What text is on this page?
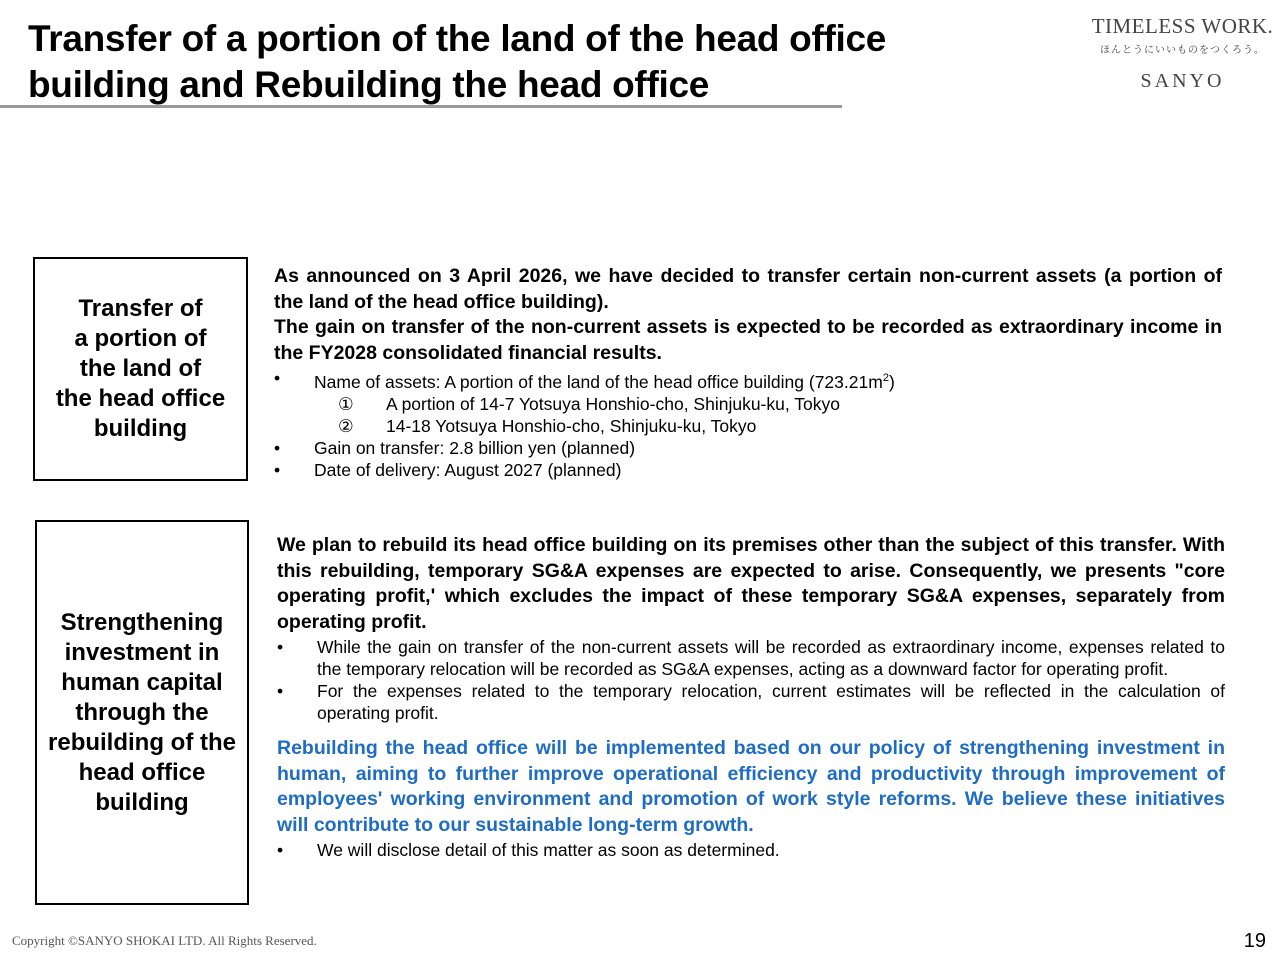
Transfer of a portion of the land of the head office
building and Rebuilding the head office
TIMELESS WORK.
ほんとうにいいものをつくろう。
SANYO
Transfer of
a portion of
the land of
the head office
building
As announced on 3 April 2026, we have decided to transfer certain non-current assets (a portion of the land of the head office building).
The gain on transfer of the non-current assets is expected to be recorded as extraordinary income in the FY2028 consolidated financial results.
•	Name of assets: A portion of the land of the head office building $(723.21m^2)$
①	A portion of 14-7 Yotsuya Honshio-cho, Shinjuku-ku, Tokyo
②	14-18 Yotsuya Honshio-cho, Shinjuku-ku, Tokyo
•	Gain on transfer: 2.8 billion yen (planned)
•	Date of delivery: August 2027 (planned)
Strengthening
investment in
human capital
through the
rebuilding of the
head office
building
We plan to rebuild its head office building on its premises other than the subject of this transfer. With this rebuilding, temporary SG&A expenses are expected to arise. Consequently, we presents "core operating profit,' which excludes the impact of these temporary SG&A expenses, separately from operating profit.
•	While the gain on transfer of the non-current assets will be recorded as extraordinary income, expenses related to the temporary relocation will be recorded as SG&A expenses, acting as a downward factor for operating profit.
•	For the expenses related to the temporary relocation, current estimates will be reflected in the calculation of operating profit.
Rebuilding the head office will be implemented based on our policy of strengthening investment in human, aiming to further improve operational efficiency and productivity through improvement of employees' working environment and promotion of work style reforms. We believe these initiatives will contribute to our sustainable long-term growth.
•	We will disclose detail of this matter as soon as determined.
Copyright ©SANYO SHOKAI LTD. All Rights Reserved.	19
